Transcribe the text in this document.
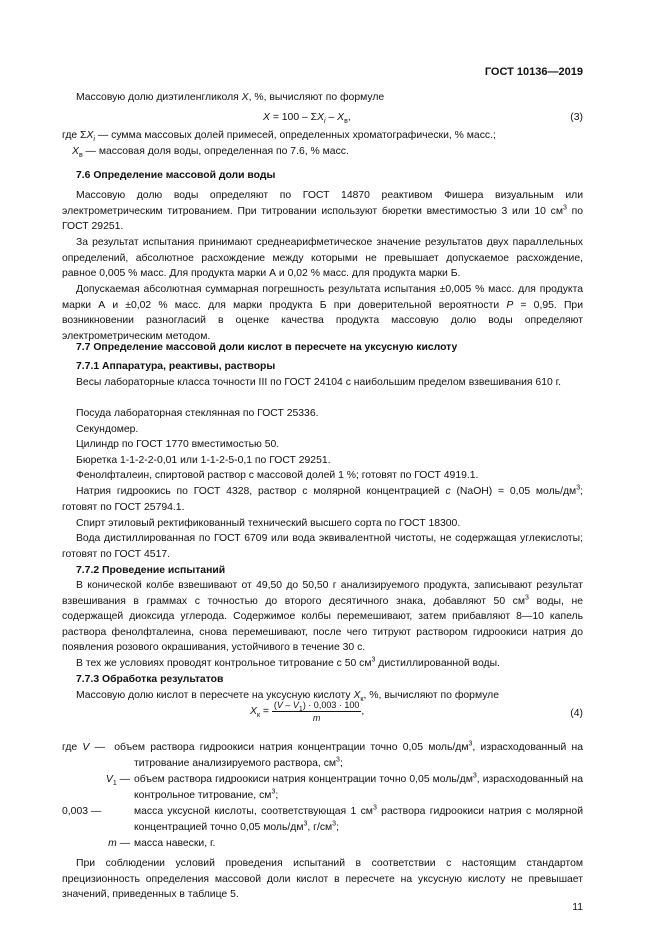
ГОСТ 10136—2019
Массовую долю диэтиленгликоля X, %, вычисляют по формуле
$X = 100 - \Sigma X_i - X_в$,	(3)
где $\Sigma X_i$ — сумма массовых долей примесей, определенных хроматографически, % масс.;
$X_в$ — массовая доля воды, определенная по 7.6, % масс.
7.6 Определение массовой доли воды
Массовую долю воды определяют по ГОСТ 14870 реактивом Фишера визуальным или электрометрическим титрованием. При титровании используют бюретки вместимостью 3 или 10 $см^3$ по ГОСТ 29251.
За результат испытания принимают среднеарифметическое значение результатов двух параллельных определений, абсолютное расхождение между которыми не превышает допускаемое расхождение, равное 0,005 % масс. Для продукта марки А и 0,02 % масс. для продукта марки Б.
Допускаемая абсолютная суммарная погрешность результата испытания ±0,005 % масс. для продукта марки А и ±0,02 % масс. для марки продукта Б при доверительной вероятности P = 0,95. При возникновении разногласий в оценке качества продукта массовую долю воды определяют электрометрическим методом.
7.7 Определение массовой доли кислот в пересчете на уксусную кислоту
7.7.1 Аппаратура, реактивы, растворы
Весы лабораторные класса точности III по ГОСТ 24104 с наибольшим пределом взвешивания 610 г.
Посуда лабораторная стеклянная по ГОСТ 25336.
Секундомер.
Цилиндр по ГОСТ 1770 вместимостью 50.
Бюретка 1-1-2-2-0,01 или 1-1-2-5-0,1 по ГОСТ 29251.
Фенолфталеин, спиртовой раствор с массовой долей 1 %; готовят по ГОСТ 4919.1.
Натрия гидроокись по ГОСТ 4328, раствор с молярной концентрацией с (NaOH) = 0,05 моль/$дм^3$; готовят по ГОСТ 25794.1.
Спирт этиловый ректификованный технический высшего сорта по ГОСТ 18300.
Вода дистиллированная по ГОСТ 6709 или вода эквивалентной чистоты, не содержащая углекислоты; готовят по ГОСТ 4517.
7.7.2 Проведение испытаний
В конической колбе взвешивают от 49,50 до 50,50 г анализируемого продукта, записывают результат взвешивания в граммах с точностью до второго десятичного знака, добавляют 50 $см^3$ воды, не содержащей диоксида углерода. Содержимое колбы перемешивают, затем прибавляют 8—10 капель раствора фенолфталеина, снова перемешивают, после чего титруют раствором гидроокиси натрия до появления розового окрашивания, устойчивого в течение 30 с.
В тех же условиях проводят контрольное титрование с 50 $см^3$ дистиллированной воды.
7.7.3 Обработка результатов
Массовую долю кислот в пересчете на уксусную кислоту $X_к$, %, вычисляют по формуле
$X_к = \frac{(V - V_1) \cdot 0,003 \cdot 100}{m}$ ,	(4)
где V — объем раствора гидроокиси натрия концентрации точно 0,05 моль/$дм^3$, израсходованный на титрование анализируемого раствора, $см^3$;
$V_1$ — объем раствора гидроокиси натрия концентрации точно 0,05 моль/$дм^3$, израсходованный на контрольное титрование, $см^3$;
0,003 —	масса уксусной кислоты, соответствующая 1 $см^3$ раствора гидроокиси натрия с молярной концентрацией точно 0,05 моль/$дм^3$, $г/см^3$;
m — масса навески, г.
При соблюдении условий проведения испытаний в соответствии с настоящим стандартом прецизионность определения массовой доли кислот в пересчете на уксусную кислоту не превышает значений, приведенных в таблице 5.
11
